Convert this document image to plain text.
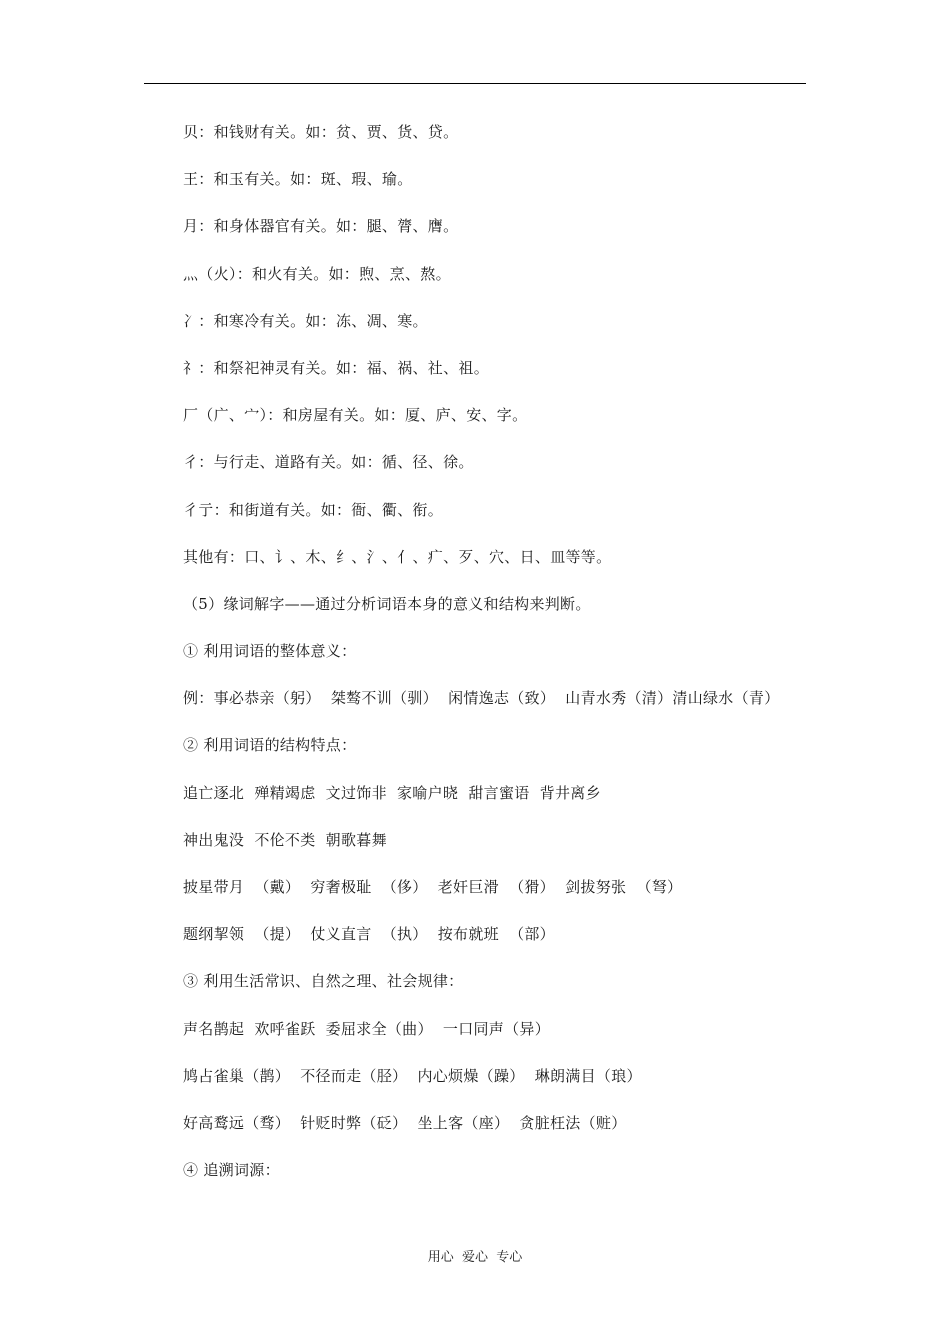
贝：和钱财有关。如：贫、贾、货、贷。
王：和玉有关。如：斑、瑕、瑜。
月：和身体器官有关。如：腿、膂、膺。
灬（火）：和火有关。如：煦、烹、熬。
冫：和寒冷有关。如：冻、凋、寒。
礻：和祭祀神灵有关。如：福、祸、社、祖。
厂（广、宀）：和房屋有关。如：厦、庐、安、字。
彳：与行走、道路有关。如：循、径、徐。
彳亍：和街道有关。如：衙、衢、衔。
其他有：口、讠、木、纟、氵、亻、疒、歹、穴、日、皿等等。
（5）缘词解字——通过分析词语本身的意义和结构来判断。
① 利用词语的整体意义：
例：事必恭亲（躬）  桀骜不训（驯）  闲情逸志（致）  山青水秀（清）清山绿水（青）
② 利用词语的结构特点：
追亡逐北  殚精竭虑  文过饰非  家喻户晓  甜言蜜语  背井离乡
神出鬼没  不伦不类  朝歌暮舞
披星带月  （戴）  穷奢极耻  （侈）  老奸巨滑  （猾）  剑拔努张  （弩）
题纲挈领  （提）  仗义直言  （执）  按布就班  （部）
③ 利用生活常识、自然之理、社会规律：
声名鹊起  欢呼雀跃  委屈求全（曲）  一口同声（异）
鸠占雀巢（鹊）  不径而走（胫）  内心烦燥（躁）  琳朗满目（琅）
好高鹜远（骛）  针贬时弊（砭）  坐上客（座）  贪脏枉法（赃）
④ 追溯词源：
用心  爱心  专心
